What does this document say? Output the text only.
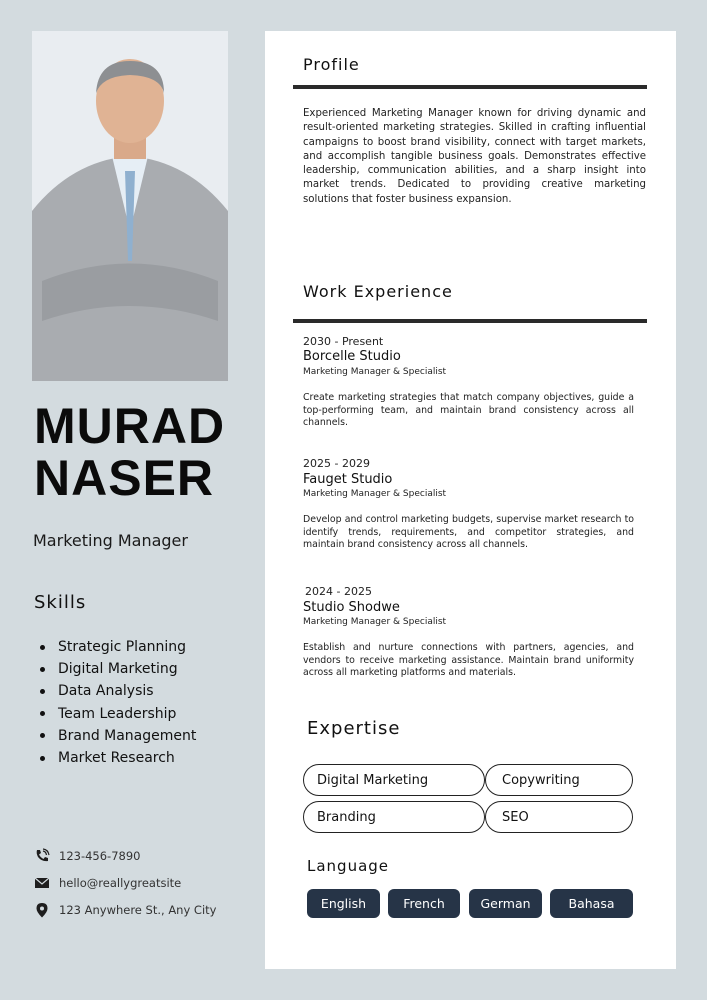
MURAD
NASER
Marketing Manager
Skills
Strategic Planning
Digital Marketing
Data Analysis
Team Leadership
Brand Management
Market Research
123-456-7890
hello@reallygreatsite
123 Anywhere St., Any City
Profile
Experienced Marketing Manager known for driving dynamic and result-oriented marketing strategies. Skilled in crafting influential campaigns to boost brand visibility, connect with target markets, and accomplish tangible business goals. Demonstrates effective leadership, communication abilities, and a sharp insight into market trends. Dedicated to providing creative marketing solutions that foster business expansion.
Work Experience
2030 - Present
Borcelle Studio
Marketing Manager & Specialist
Create marketing strategies that match company objectives, guide a top-performing team, and maintain brand consistency across all channels.
2025 - 2029
Fauget Studio
Marketing Manager & Specialist
Develop and control marketing budgets, supervise market research to identify trends, requirements, and competitor strategies, and maintain brand consistency across all channels.
2024 - 2025
Studio Shodwe
Marketing Manager & Specialist
Establish and nurture connections with partners, agencies, and vendors to receive marketing assistance. Maintain brand uniformity across all marketing platforms and materials.
Expertise
Digital Marketing	Copywriting
Branding	SEO
Language
English	French	German	Bahasa
